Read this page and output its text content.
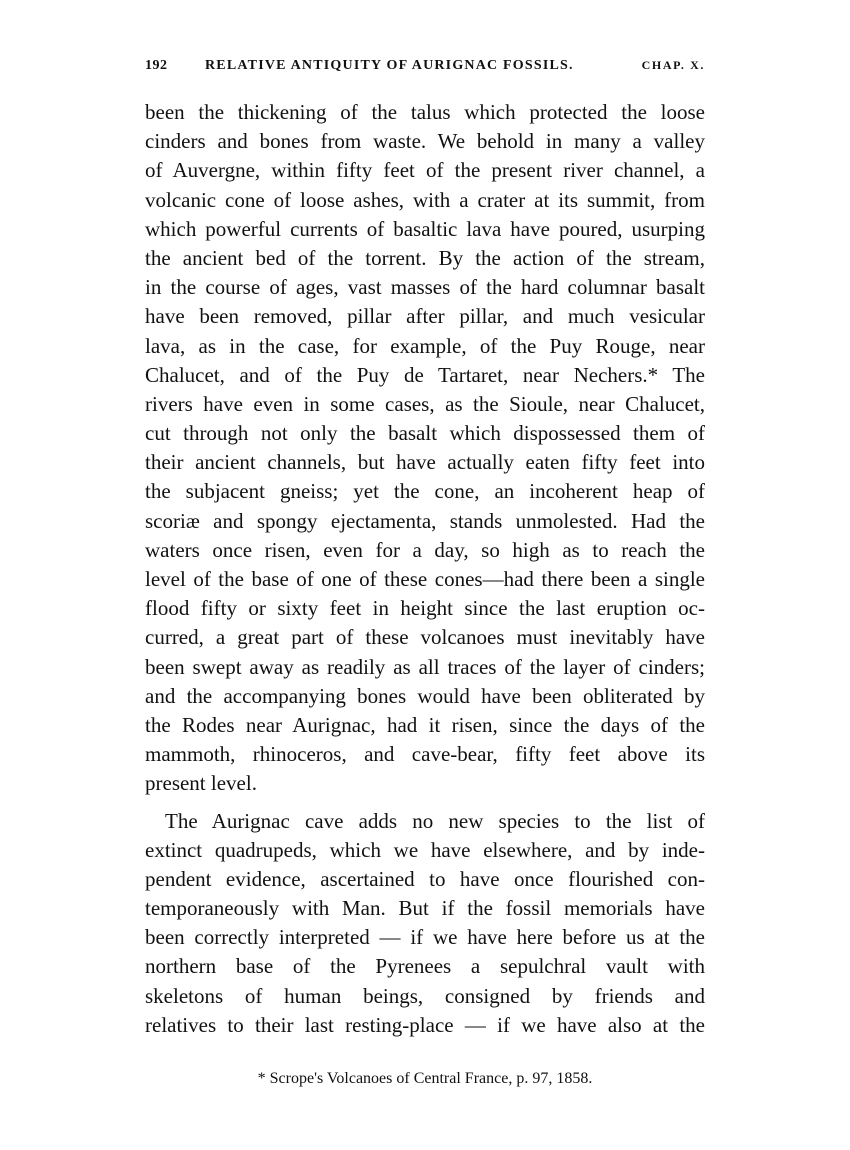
192	RELATIVE ANTIQUITY OF AURIGNAC FOSSILS.	CHAP. X.
been the thickening of the talus which protected the loose
cinders and bones from waste. We behold in many a valley
of Auvergne, within fifty feet of the present river channel, a
volcanic cone of loose ashes, with a crater at its summit, from
which powerful currents of basaltic lava have poured, usurping
the ancient bed of the torrent. By the action of the stream,
in the course of ages, vast masses of the hard columnar basalt
have been removed, pillar after pillar, and much vesicular
lava, as in the case, for example, of the Puy Rouge, near
Chalucet, and of the Puy de Tartaret, near Nechers.* The
rivers have even in some cases, as the Sioule, near Chalucet,
cut through not only the basalt which dispossessed them of
their ancient channels, but have actually eaten fifty feet into
the subjacent gneiss; yet the cone, an incoherent heap of
scoriæ and spongy ejectamenta, stands unmolested. Had the
waters once risen, even for a day, so high as to reach the
level of the base of one of these cones—had there been a single
flood fifty or sixty feet in height since the last eruption oc-
curred, a great part of these volcanoes must inevitably have
been swept away as readily as all traces of the layer of cinders;
and the accompanying bones would have been obliterated by
the Rodes near Aurignac, had it risen, since the days of the
mammoth, rhinoceros, and cave-bear, fifty feet above its
present level.
The Aurignac cave adds no new species to the list of
extinct quadrupeds, which we have elsewhere, and by inde-
pendent evidence, ascertained to have once flourished con-
temporaneously with Man. But if the fossil memorials have
been correctly interpreted — if we have here before us at the
northern base of the Pyrenees a sepulchral vault with
skeletons of human beings, consigned by friends and
relatives to their last resting-place — if we have also at the
* Scrope's Volcanoes of Central France, p. 97, 1858.
